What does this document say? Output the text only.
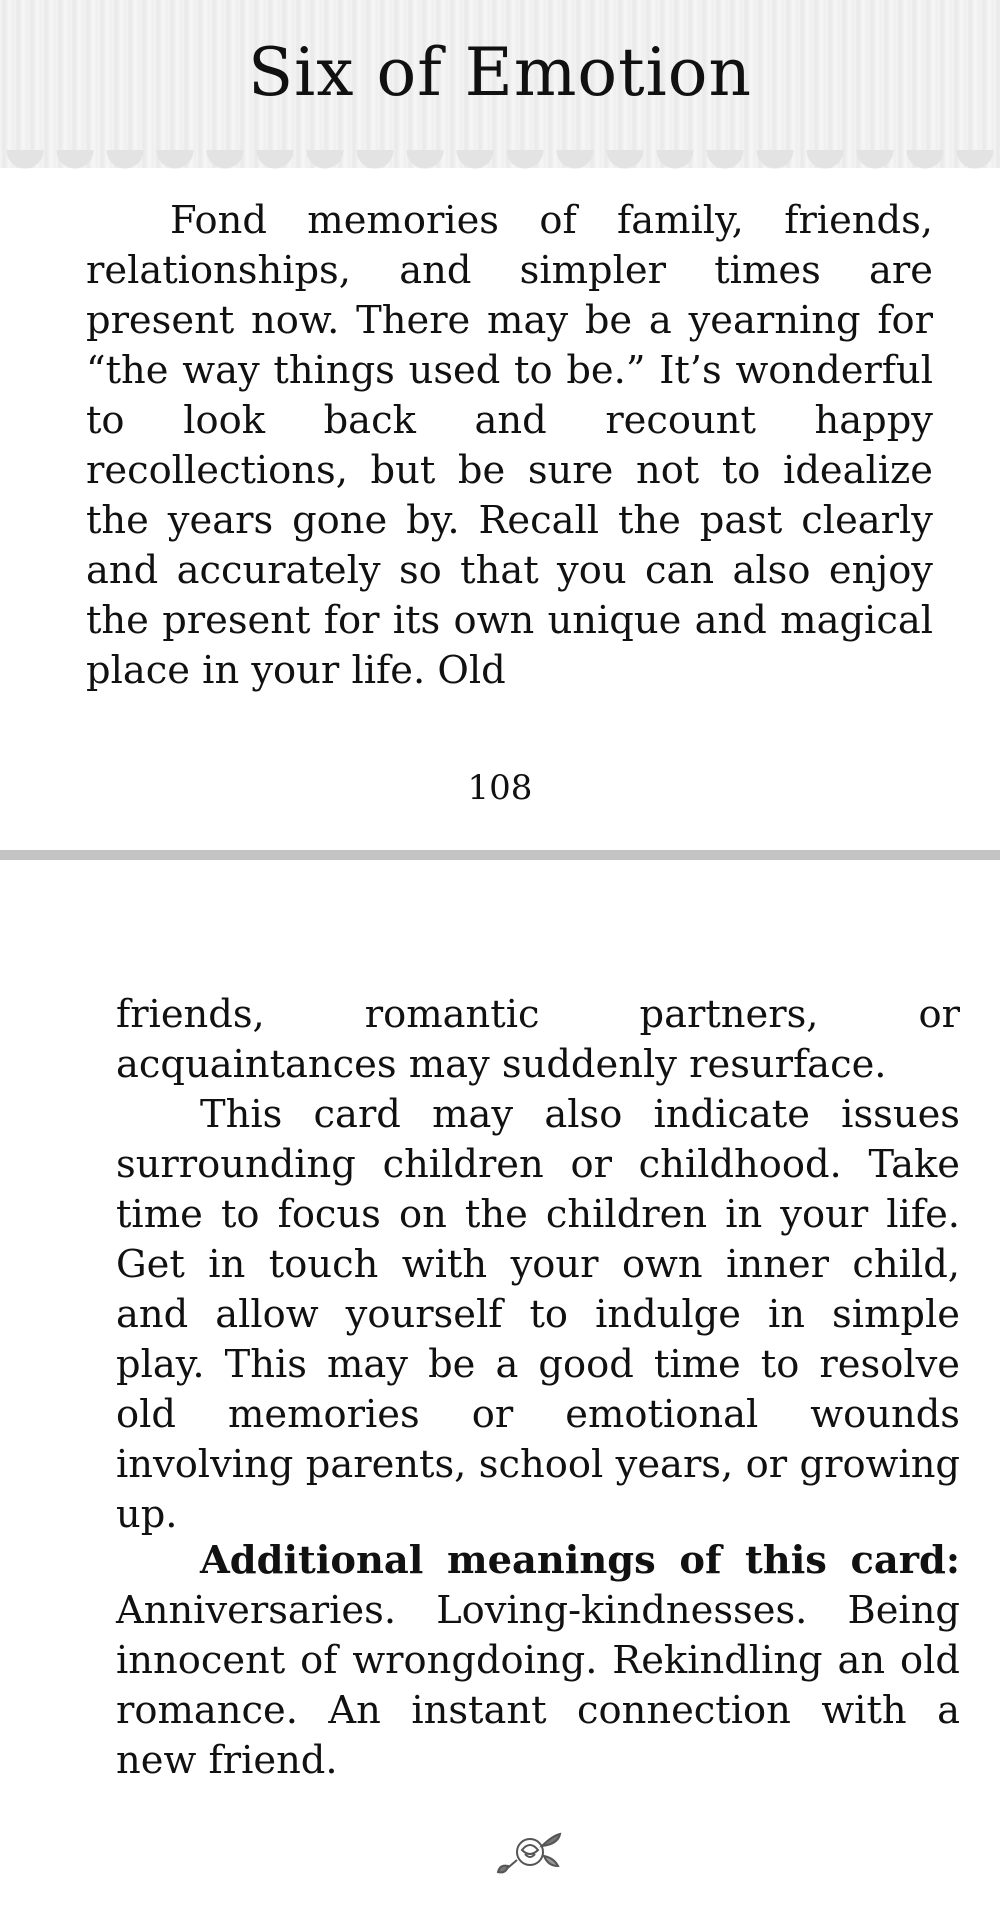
Six of Emotion

Fond memories of family, friends, relationships, and simpler times are present now. There may be a yearning for “the way things used to be.” It’s wonderful to look back and recount happy recollections, but be sure not to idealize the years gone by. Recall the past clearly and accurately so that you can also enjoy the present for its own unique and magical place in your life. Old

108

friends, romantic partners, or acquaintances may suddenly resurface.

This card may also indicate issues surrounding children or childhood. Take time to focus on the children in your life. Get in touch with your own inner child, and allow yourself to indulge in simple play. This may be a good time to resolve old memories or emotional wounds involving parents, school years, or growing up.

Additional meanings of this card: Anniversaries. Loving-kindnesses. Being innocent of wrongdoing. Rekindling an old romance. An instant connection with a new friend.
